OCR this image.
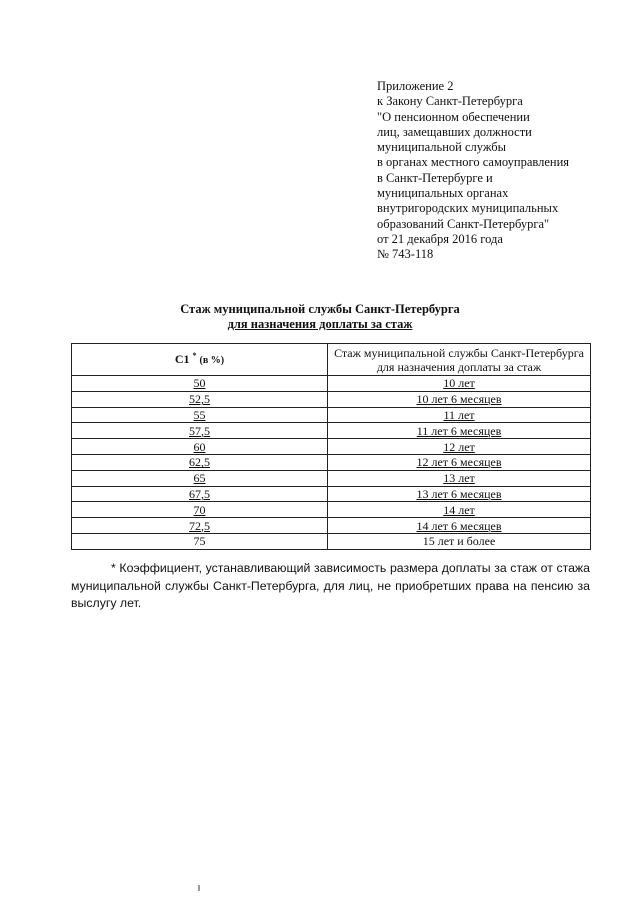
Приложение 2
к Закону Санкт-Петербурга
"О пенсионном обеспечении
лиц, замещавших должности
муниципальной службы
в органах местного самоуправления
в Санкт-Петербурге и
муниципальных органах
внутригородских муниципальных
образований Санкт-Петербурга"
от 21 декабря 2016 года
№ 743-118
Стаж муниципальной службы Санкт-Петербурга
для назначения доплаты за стаж
С1 * (в %)	Стаж муниципальной службы Санкт-Петербурга для назначения доплаты за стаж
50	10 лет
52,5	10 лет 6 месяцев
55	11 лет
57,5	11 лет 6 месяцев
60	12 лет
62,5	12 лет 6 месяцев
65	13 лет
67,5	13 лет 6 месяцев
70	14 лет
72,5	14 лет 6 месяцев
75	15 лет и более
* Коэффициент, устанавливающий зависимость размера доплаты за стаж от стажа муниципальной службы Санкт-Петербурга, для лиц, не приобретших права на пенсию за выслугу лет.
